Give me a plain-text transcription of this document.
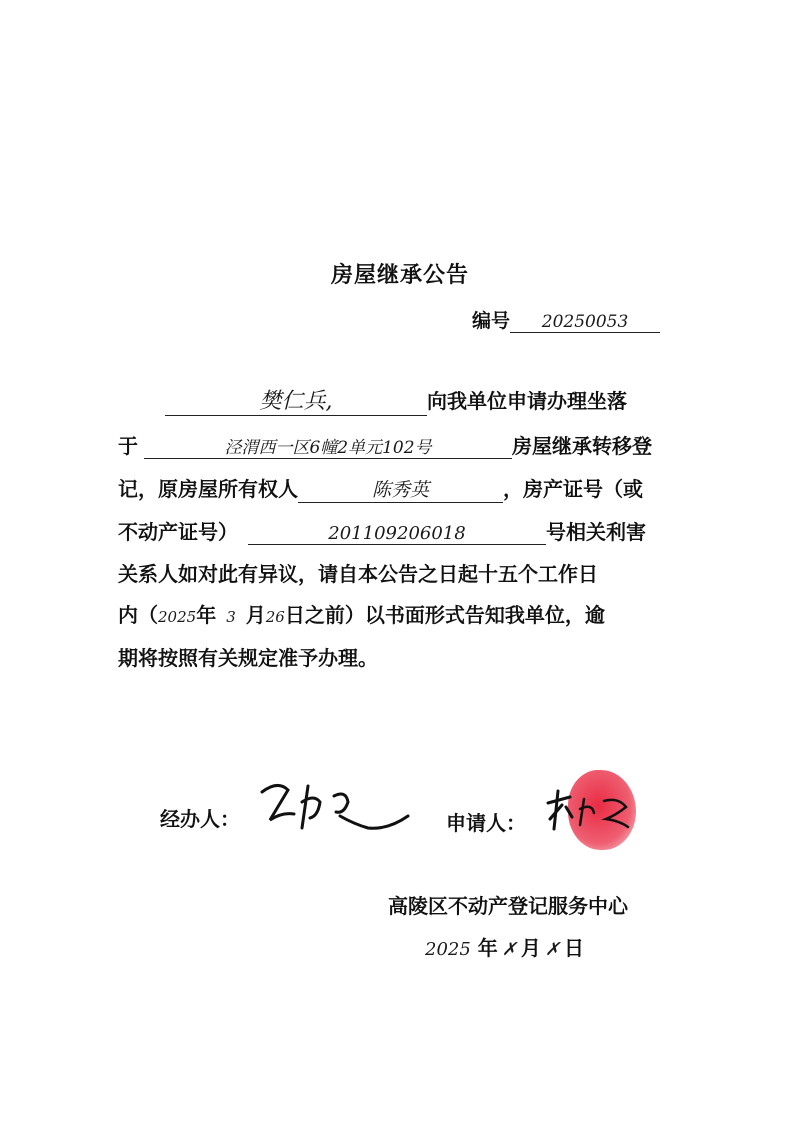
房屋继承公告
编号 20250053
樊仁兵,	向我单位申请办理坐落
于	泾渭西一区6幢2单元102号	房屋继承转移登
记，原房屋所有权人	陈秀英	，房产证号（或
不动产证号）	201109206018	号相关利害
关系人如对此有异议，请自本公告之日起十五个工作日
内（2025年 3 月26日之前）以书面形式告知我单位，逾
期将按照有关规定准予办理。
经办人：	申请人：
高陵区不动产登记服务中心
2025 年 ✗ 月 ✗ 日
